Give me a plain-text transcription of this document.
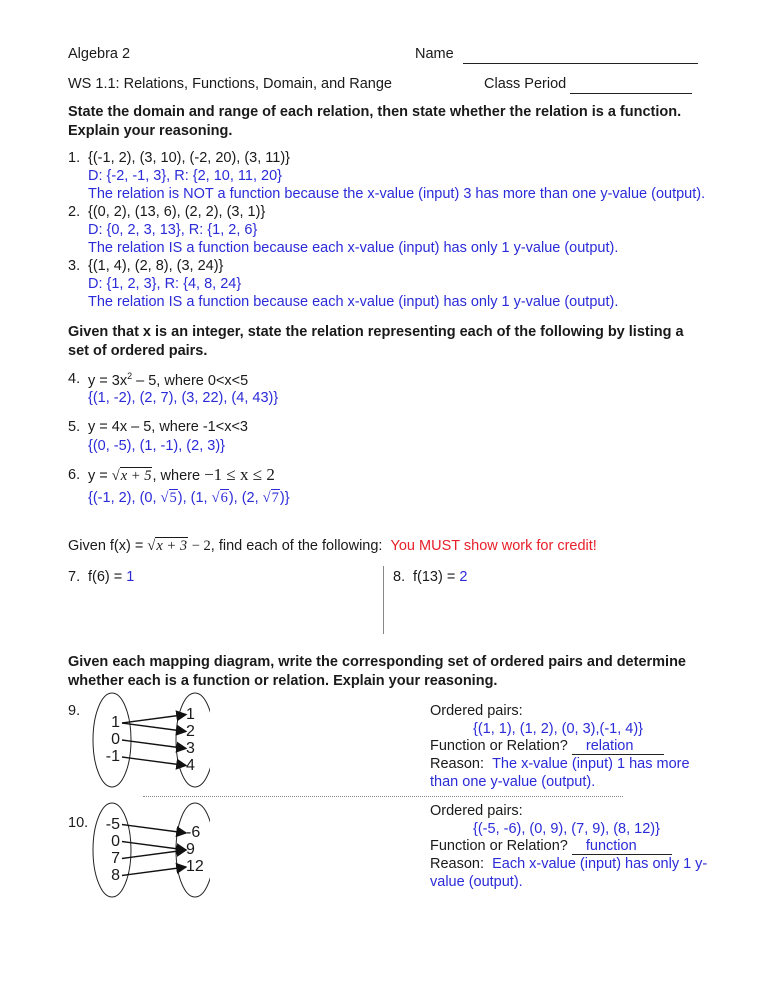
Algebra 2	Name
WS 1.1: Relations, Functions, Domain, and Range	Class Period
State the domain and range of each relation, then state whether the relation is a function.
Explain your reasoning.
1. {(-1, 2), (3, 10), (-2, 20), (3, 11)}
D: {-2, -1, 3}, R: {2, 10, 11, 20}
The relation is NOT a function because the x-value (input) 3 has more than one y-value (output).
2. {(0, 2), (13, 6), (2, 2), (3, 1)}
D: {0, 2, 3, 13}, R: {1, 2, 6}
The relation IS a function because each x-value (input) has only 1 y-value (output).
3. {(1, 4), (2, 8), (3, 24)}
D: {1, 2, 3}, R: {4, 8, 24}
The relation IS a function because each x-value (input) has only 1 y-value (output).
Given that x is an integer, state the relation representing each of the following by listing a
set of ordered pairs.
4. $y = 3x^2 - 5$, where 0<x<5
{(1, -2), (2, 7), (3, 22), (4, 43)}
5. y = 4x – 5, where -1<x<3
{(0, -5), (1, -1), (2, 3)}
6. y = √x + 5, where −1 ≤ x ≤ 2
{(-1, 2), (0, √5), (1, √6), (2, √7)}
Given f(x) = √x + 3 − 2, find each of the following: You MUST show work for credit!
7. f(6) = 1	8. f(13) = 2
Given each mapping diagram, write the corresponding set of ordered pairs and determine
whether each is a function or relation. Explain your reasoning.
9.
1
0
-1
1
2
3
4
Ordered pairs:
{(1, 1), (1, 2), (0, 3),(-1, 4)}
Function or Relation? relation
Reason: The x-value (input) 1 has more
than one y-value (output).
10.	-5
0
7
8
-6
9
12
Ordered pairs:
{(-5, -6), (0, 9), (7, 9), (8, 12)}
Function or Relation? function
Reason: Each x-value (input) has only 1 y-
value (output).
